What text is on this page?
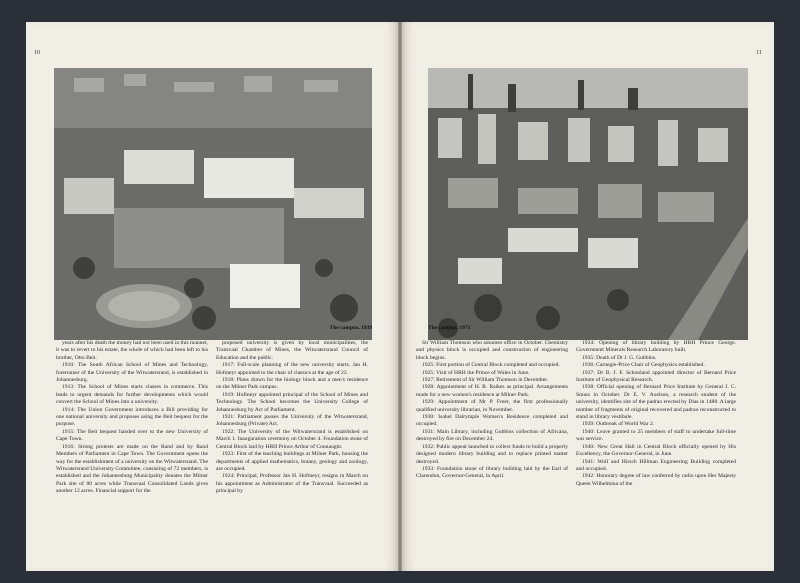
10
The campus, 1939

years after his death the money had not been used in this manner, it was to revert to his estate, the whole of which had been left to his brother, Otto Beit.

1910: The South African School of Mines and Technology, forerunner of the University of the Witwatersrand, is established in Johannesburg.

1913: The School of Mines starts classes in commerce. This leads to urgent demands for further developments which would convert the School of Mines into a university.

1914: The Union Government introduces a Bill providing for one national university and proposes using the Beit bequest for the purpose.

1915: The Beit bequest handed over to the new University of Cape Town.

1916: Strong protests are made on the Rand and by Rand Members of Parliament in Cape Town. The Government opens the way for the establishment of a university on the Witwatersrand. The Witwatersrand University Committee, consisting of 72 members, is established and the Johannesburg Municipality donates the Milner Park site of 80 acres while Transvaal Consolidated Lands gives another 12 acres. Financial support for the

proposed university is given by local municipalities, the Transvaal Chamber of Mines, the Witwatersrand Council of Education and the public.

1917: Full-scale planning of the new university starts. Jan H. Hofmeyr appointed to the chair of classics at the age of 22.

1918: Plans drawn for the biology block and a men's residence on the Milner Park campus.

1919: Hofmeyr appointed principal of the School of Mines and Technology. The School becomes the University College of Johannesburg by Act of Parliament.

1921: Parliament passes the University of the Witwatersrand, Johannesburg (Private) Act.

1922: The University of the Witwatersrand is established on March 1. Inauguration ceremony on October 4. Foundation stone of Central Block laid by HRH Prince Arthur of Connaught.

1923: First of the teaching buildings at Milner Park, housing the departments of applied mathematics, botany, geology and zoology, are occupied.

1924: Principal, Professor Jan H. Hofmeyr, resigns in March on his appointment as Administrator of the Transvaal. Succeeded as principal by

11
The campus, 1971

Sir William Thomson who assumes office in October. Chemistry and physics block is occupied and construction of engineering block begins.

1925: First portion of Central Block completed and occupied.

1925: Visit of HRH the Prince of Wales in June.

1927: Retirement of Sir William Thomson in December.

1928: Appointment of H. R. Raikes as principal. Arrangements made for a new women's residence at Milner Park.

1929: Appointment of Mr P. Freer, the first professionally qualified university librarian, in November.

1930: Isabel Dalrymple Women's Residence completed and occupied.

1931: Main Library, including Gubbins collection of Africana, destroyed by fire on December 24.

1932: Public appeal launched to collect funds to build a properly designed modern library building and to replace printed matter destroyed.

1933: Foundation stone of library building laid by the Earl of Clarendon, Governor-General, in April.

1934: Opening of library building by HRH Prince George. Government Minerals Research Laboratory built.

1935: Death of Dr J. G. Gubbins.

1936: Carnegie-Price Chair of Geophysics established.

1937: Dr B. J. F. Schonland appointed director of Bernard Price Institute of Geophysical Research.

1938: Official opening of Bernard Price Institute by General J. C. Smuts in October. Dr E. V. Axelson, a research student of the university, identifies site of the padrao erected by Dias in 1488. A large number of fragments of original recovered and padrao reconstructed to stand in library vestibule.

1939: Outbreak of World War 2.

1940: Leave granted to 25 members of staff to undertake full-time war service.

1940: New Great Hall in Central Block officially opened by His Excellency, the Governor-General, in June.

1941: Wolf and Hirsch Hillman Engineering Building completed and occupied.

1942: Honorary degree of law conferred by radio upon Her Majesty Queen Wilhelmina of the
